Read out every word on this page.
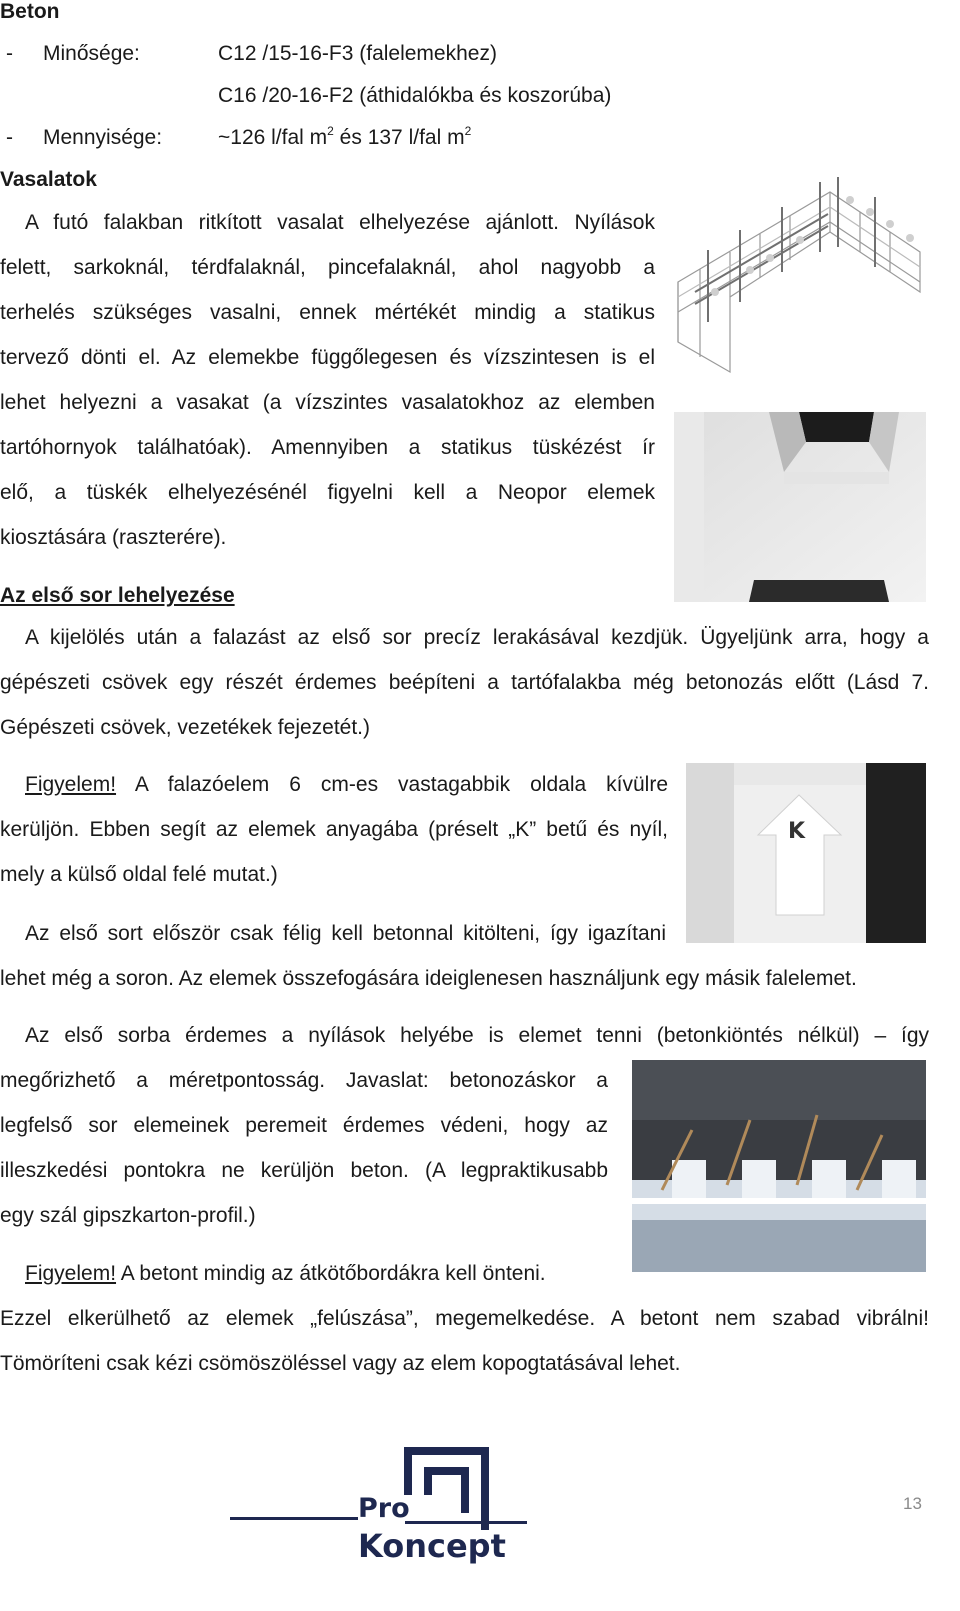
Beton
- Minősége:	C12 /15-16-F3 (falelemekhez)
C16 /20-16-F2 (áthidalókba és koszorúba)
- Mennyisége:	~126 l/fal $m^2$ és 137 l/fal $m^2$
Vasalatok
A futó falakban ritkított vasalat elhelyezése ajánlott. Nyílások
felett, sarkoknál, térdfalaknál, pincefalaknál, ahol nagyobb a
terhelés szükséges vasalni, ennek mértékét mindig a statikus
tervező dönti el. Az elemekbe függőlegesen és vízszintesen is el
lehet helyezni a vasakat (a vízszintes vasalatokhoz az elemben
tartóhornyok találhatóak). Amennyiben a statikus tüskézést ír
elő, a tüskék elhelyezésénél figyelni kell a Neopor elemek
kiosztására (raszterére).
Az első sor lehelyezése
A kijelölés után a falazást az első sor precíz lerakásával kezdjük. Ügyeljünk arra, hogy a
gépészeti csövek egy részét érdemes beépíteni a tartófalakba még betonozás előtt (Lásd 7.
Gépészeti csövek, vezetékek fejezetét.)
Figyelem! A falazóelem 6 cm-es vastagabbik oldala kívülre
kerüljön. Ebben segít az elemek anyagába (préselt „K” betű és nyíl,
mely a külső oldal felé mutat.)
K
Az első sort először csak félig kell betonnal kitölteni, így igazítani
lehet még a soron. Az elemek összefogására ideiglenesen használjunk egy másik falelemet.
Az első sorba érdemes a nyílások helyébe is elemet tenni (betonkiöntés nélkül) – így
megőrizhető a méretpontosság. Javaslat: betonozáskor a
legfelső sor elemeinek peremeit érdemes védeni, hogy az
illeszkedési pontokra ne kerüljön beton. (A legpraktikusabb
egy szál gipszkarton-profil.)
Figyelem! A betont mindig az átkötőbordákra kell önteni.
Ezzel elkerülhető az elemek „felúszása”, megemelkedése. A betont nem szabad vibrálni!
Tömöríteni csak kézi csömöszöléssel vagy az elem kopogtatásával lehet.
Pro
Koncept
13
